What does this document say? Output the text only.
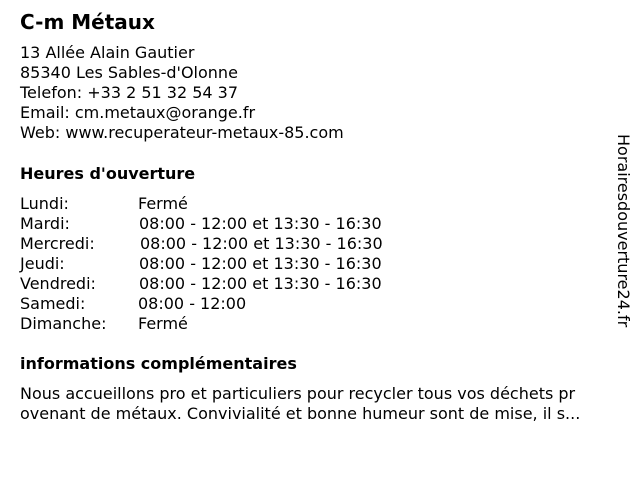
C-m Métaux
13 Allée Alain Gautier
85340 Les Sables-d'Olonne
Telefon: +33 2 51 32 54 37
Email: cm.metaux@orange.fr
Web: www.recuperateur-metaux-85.com
Heures d'ouverture
Lundi:	Fermé
Mardi:	08:00 - 12:00 et 13:30 - 16:30
Mercredi:	08:00 - 12:00 et 13:30 - 16:30
Jeudi:	08:00 - 12:00 et 13:30 - 16:30
Vendredi:	08:00 - 12:00 et 13:30 - 16:30
Samedi:	08:00 - 12:00
Dimanche: Fermé
informations complémentaires
Nous accueillons pro et particuliers pour recycler tous vos déchets pr
ovenant de métaux. Convivialité et bonne humeur sont de mise, il s...
Horairesdouverture24.fr
